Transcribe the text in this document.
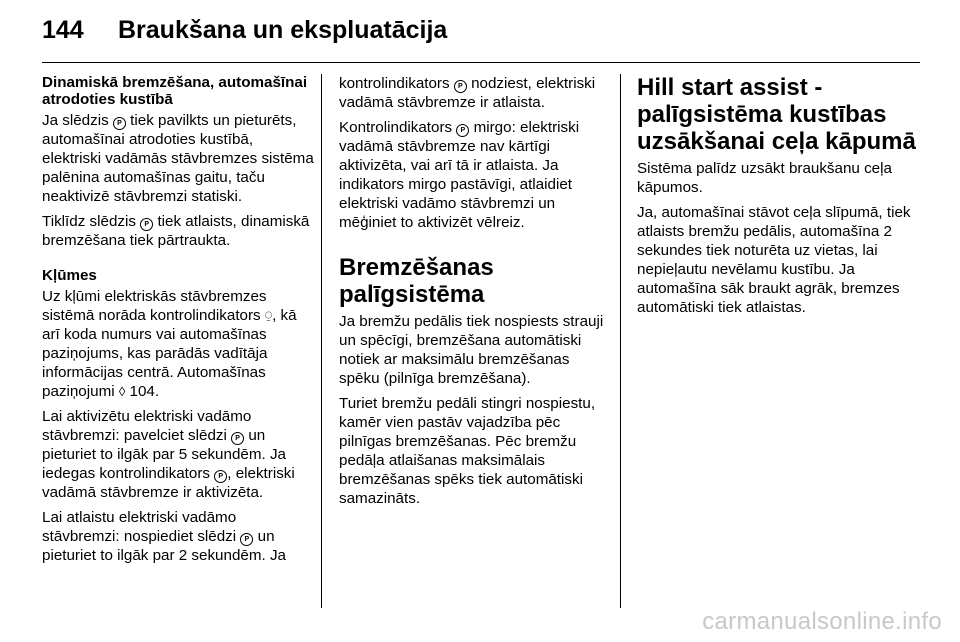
144	Braukšana un ekspluatācija
Dinamiskā bremzēšana, automašīnai atrodoties kustībā

Ja slēdzis P tiek pavilkts un pieturēts, automašīnai atrodoties kustībā, elektriski vadāmās stāvbremzes sistēma palēnina automašīnas gaitu, taču neaktivizē stāvbremzi statiski.

Tiklīdz slēdzis P tiek atlaists, dinamiskā bremzēšana tiek pārtraukta.

Kļūmes

Uz kļūmi elektriskās stāvbremzes sistēmā norāda kontrolindikators ⍜, kā arī koda numurs vai automašīnas paziņojums, kas parādās vadītāja informācijas centrā. Automašīnas paziņojumi ◊ 104.

Lai aktivizētu elektriski vadāmo stāvbremzi: pavelciet slēdzi P un pieturiet to ilgāk par 5 sekundēm. Ja iedegas kontrolindikators P , elektriski vadāmā stāvbremze ir aktivizēta.

Lai atlaistu elektriski vadāmo stāvbremzi: nospiediet slēdzi P un pieturiet to ilgāk par 2 sekundēm. Ja

kontrolindikators P nodziest, elektriski vadāmā stāvbremze ir atlaista.

Kontrolindikators P mirgo: elektriski vadāmā stāvbremze nav kārtīgi aktivizēta, vai arī tā ir atlaista. Ja indikators mirgo pastāvīgi, atlaidiet elektriski vadāmo stāvbremzi un mēģiniet to aktivizēt vēlreiz.

Bremzēšanas palīgsistēma

Ja bremžu pedālis tiek nospiests strauji un spēcīgi, bremzēšana automātiski notiek ar maksimālu bremzēšanas spēku (pilnīga bremzēšana).

Turiet bremžu pedāli stingri nospiestu, kamēr vien pastāv vajadzība pēc pilnīgas bremzēšanas. Pēc bremžu pedāļa atlaišanas maksimālais bremzēšanas spēks tiek automātiski samazināts.

Hill start assist - palīgsistēma kustības uzsākšanai ceļa kāpumā

Sistēma palīdz uzsākt braukšanu ceļa kāpumos.

Ja, automašīnai stāvot ceļa slīpumā, tiek atlaists bremžu pedālis, automašīna 2 sekundes tiek noturēta uz vietas, lai nepieļautu nevēlamu kustību. Ja automašīna sāk braukt agrāk, bremzes automātiski tiek atlaistas.

carmanualsonline.info
